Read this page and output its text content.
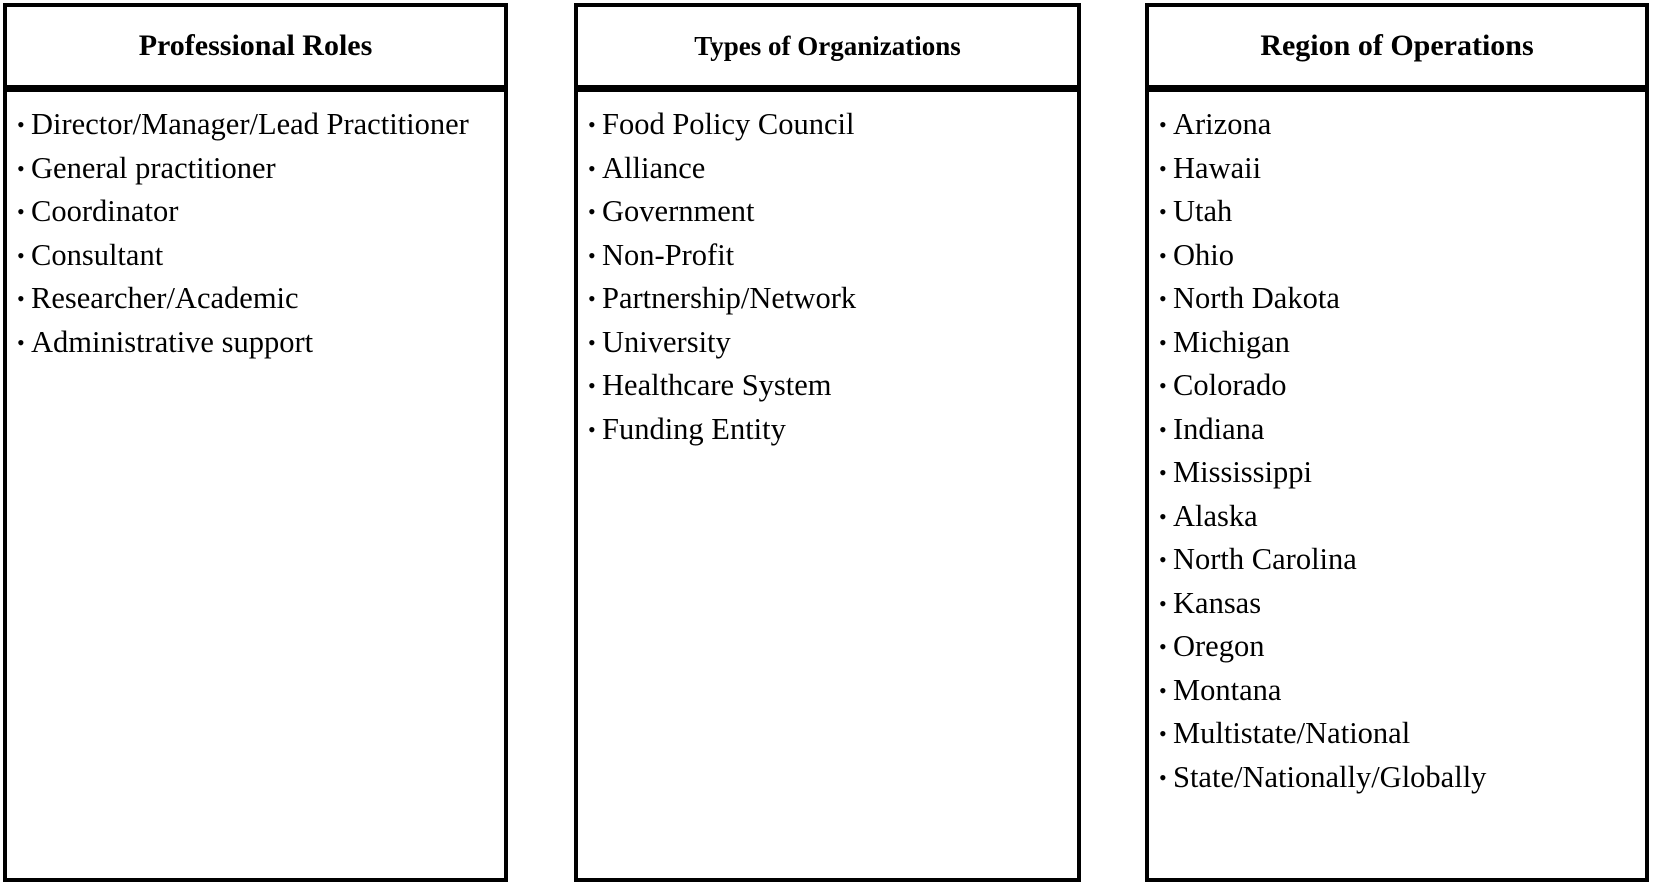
Professional Roles
• Director/Manager/Lead Practitioner
• General practitioner
• Coordinator
• Consultant
• Researcher/Academic
• Administrative support
Types of Organizations
• Food Policy Council
• Alliance
• Government
• Non-Profit
• Partnership/Network
• University
• Healthcare System
• Funding Entity
Region of Operations
• Arizona
• Hawaii
• Utah
• Ohio
• North Dakota
• Michigan
• Colorado
• Indiana
• Mississippi
• Alaska
• North Carolina
• Kansas
• Oregon
• Montana
• Multistate/National
• State/Nationally/Globally
